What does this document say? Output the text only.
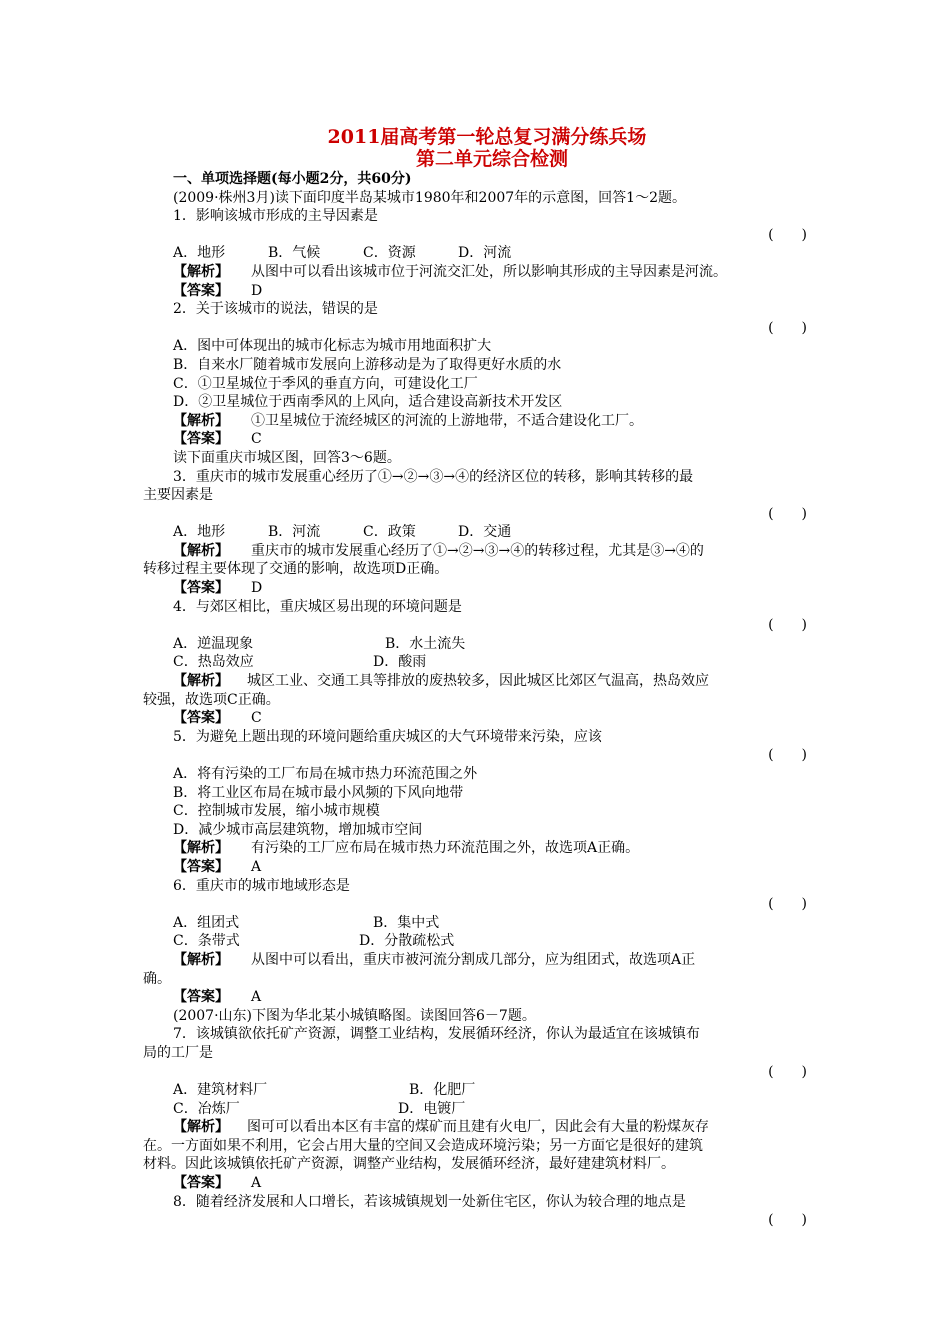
2011届高考第一轮总复习满分练兵场
第二单元综合检测
一、单项选择题(每小题2分，共60分)
(2009·株州3月)读下面印度半岛某城市1980年和2007年的示意图，回答1～2题。
1．影响该城市形成的主导因素是
(　　)
A．地形	B．气候	C．资源	D．河流
【解析】 从图中可以看出该城市位于河流交汇处，所以影响其形成的主导因素是河流。
【答案】 D
2．关于该城市的说法，错误的是
(　　)
A．图中可体现出的城市化标志为城市用地面积扩大
B．自来水厂随着城市发展向上游移动是为了取得更好水质的水
C．①卫星城位于季风的垂直方向，可建设化工厂
D．②卫星城位于西南季风的上风向，适合建设高新技术开发区
【解析】 ①卫星城位于流经城区的河流的上游地带，不适合建设化工厂。
【答案】 C
读下面重庆市城区图，回答3～6题。
3．重庆市的城市发展重心经历了①→②→③→④的经济区位的转移，影响其转移的最
主要因素是
(　　)
A．地形	B．河流	C．政策	D．交通
【解析】 重庆市的城市发展重心经历了①→②→③→④的转移过程，尤其是③→④的
转移过程主要体现了交通的影响，故选项D正确。
【答案】 D
4．与郊区相比，重庆城区易出现的环境问题是
(　　)
A．逆温现象	B．水土流失
C．热岛效应	D．酸雨
【解析】 城区工业、交通工具等排放的废热较多，因此城区比郊区气温高，热岛效应
较强，故选项C正确。
【答案】 C
5．为避免上题出现的环境问题给重庆城区的大气环境带来污染，应该
(　　)
A．将有污染的工厂布局在城市热力环流范围之外
B．将工业区布局在城市最小风频的下风向地带
C．控制城市发展，缩小城市规模
D．减少城市高层建筑物，增加城市空间
【解析】 有污染的工厂应布局在城市热力环流范围之外，故选项A正确。
【答案】 A
6．重庆市的城市地域形态是
(　　)
A．组团式	B．集中式
C．条带式	D．分散疏松式
【解析】 从图中可以看出，重庆市被河流分割成几部分，应为组团式，故选项A正
确。
【答案】 A
(2007·山东)下图为华北某小城镇略图。读图回答6－7题。
7．该城镇欲依托矿产资源，调整工业结构，发展循环经济，你认为最适宜在该城镇布
局的工厂是
(　　)
A．建筑材料厂	B．化肥厂
C．冶炼厂	D．电镀厂
【解析】 图可可以看出本区有丰富的煤矿而且建有火电厂，因此会有大量的粉煤灰存
在。一方面如果不利用，它会占用大量的空间又会造成环境污染；另一方面它是很好的建筑
材料。因此该城镇依托矿产资源，调整产业结构，发展循环经济，最好建建筑材料厂。
【答案】 A
8．随着经济发展和人口增长，若该城镇规划一处新住宅区，你认为较合理的地点是
(　　)
